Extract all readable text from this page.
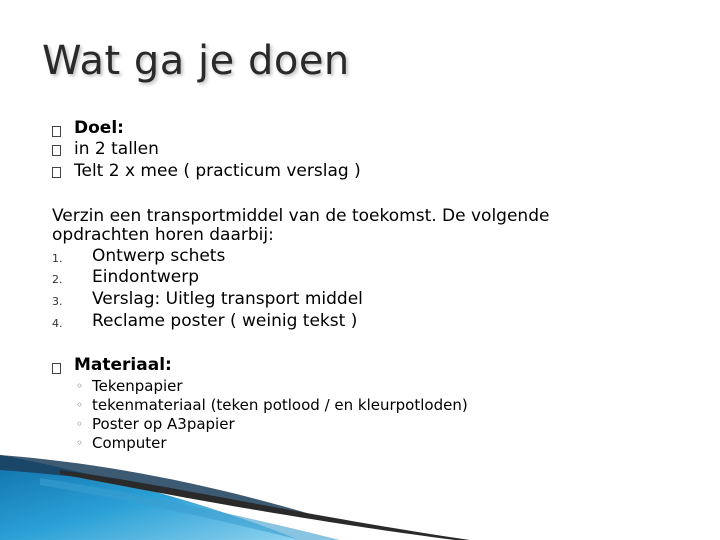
Wat ga je doen
Doel:
in 2 tallen
Telt 2 x mee ( practicum verslag )
Verzin een transportmiddel van de toekomst. De volgende
opdrachten horen daarbij:
1. Ontwerp schets
2. Eindontwerp
3. Verslag: Uitleg transport middel
4. Reclame poster ( weinig tekst )
Materiaal:
◦ Tekenpapier
◦ tekenmateriaal (teken potlood / en kleurpotloden)
◦ Poster op A3papier
◦ Computer
